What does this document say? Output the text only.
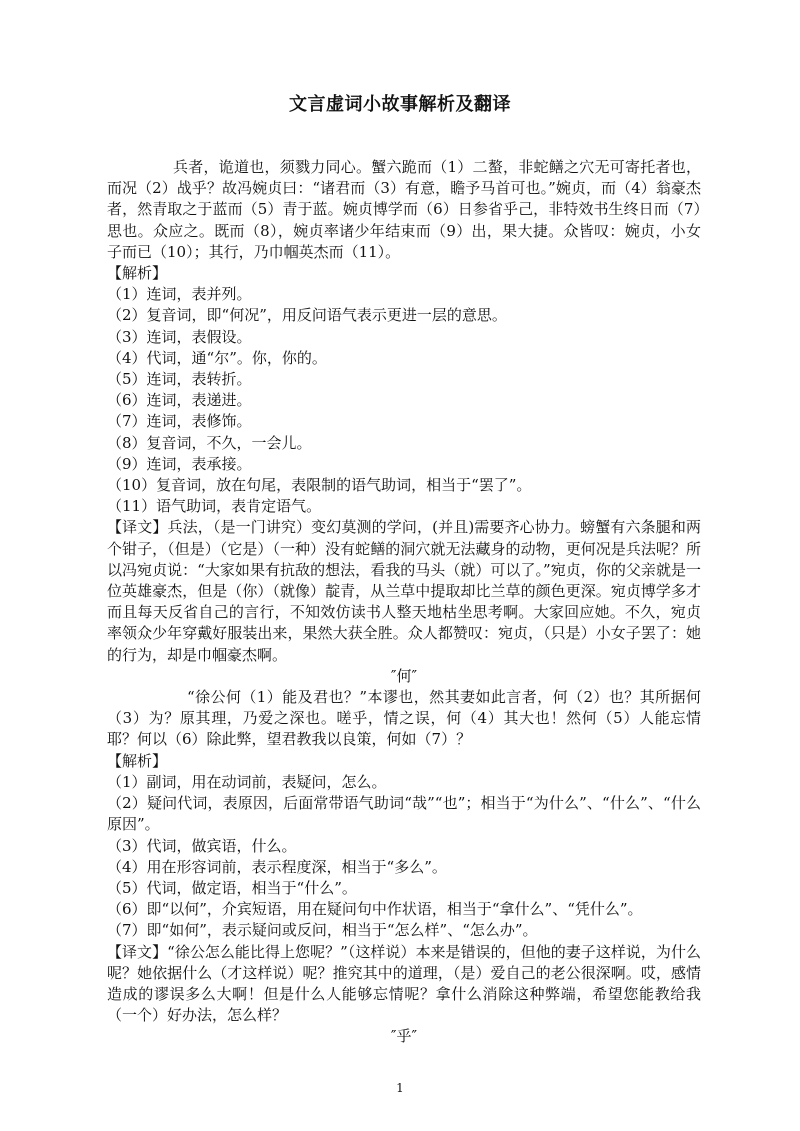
文言虚词小故事解析及翻译

兵者，诡道也，须戮力同心。蟹六跪而（1）二螯，非蛇鳝之穴无可寄托者也，而况（2）战乎？故冯婉贞曰：“诸君而（3）有意，瞻予马首可也。”婉贞，而（4）翁豪杰者，然青取之于蓝而（5）青于蓝。婉贞博学而（6）日参省乎己，非特效书生终日而（7）思也。众应之。既而（8），婉贞率诸少年结束而（9）出，果大捷。众皆叹：婉贞，小女子而已（10）；其行，乃巾帼英杰而（11）。

【解析】

（1）连词，表并列。

（2）复音词，即“何况”，用反问语气表示更进一层的意思。

（3）连词，表假设。

（4）代词，通“尔”。你，你的。

（5）连词，表转折。

（6）连词，表递进。

（7）连词，表修饰。

（8）复音词，不久，一会儿。

（9）连词，表承接。

（10）复音词，放在句尾，表限制的语气助词，相当于“罢了”。

（11）语气助词，表肯定语气。

【译文】兵法，（是一门讲究）变幻莫测的学问，(并且)需要齐心协力。螃蟹有六条腿和两个钳子，（但是）（它是）（一种）没有蛇鳝的洞穴就无法藏身的动物，更何况是兵法呢？所以冯宛贞说：“大家如果有抗敌的想法，看我的马头（就）可以了。”宛贞，你的父亲就是一位英雄豪杰，但是（你）（就像）靛青，从兰草中提取却比兰草的颜色更深。宛贞博学多才而且每天反省自己的言行，不知效仿读书人整天地枯坐思考啊。大家回应她。不久，宛贞率领众少年穿戴好服装出来，果然大获全胜。众人都赞叹：宛贞，（只是）小女子罢了：她的行为，却是巾帼豪杰啊。

″何″

“徐公何（1）能及君也？”本谬也，然其妻如此言者，何（2）也？其所据何（3）为？原其理，乃爱之深也。嗟乎，情之误，何（4）其大也！然何（5）人能忘情耶？何以（6）除此弊，望君教我以良策，何如（7）？

【解析】

（1）副词，用在动词前，表疑问，怎么。

（2）疑问代词，表原因，后面常带语气助词“哉”“也”；相当于“为什么”、“什么”、“什么原因”。

（3）代词，做宾语，什么。

（4）用在形容词前，表示程度深，相当于“多么”。

（5）代词，做定语，相当于“什么”。

（6）即“以何”，介宾短语，用在疑问句中作状语，相当于“拿什么”、“凭什么”。

（7）即“如何”，表示疑问或反问，相当于“怎么样”、“怎么办”。

【译文】“徐公怎么能比得上您呢？”（这样说）本来是错误的，但他的妻子这样说，为什么呢？她依据什么（才这样说）呢？推究其中的道理，（是）爱自己的老公很深啊。哎，感情造成的谬误多么大啊！但是什么人能够忘情呢？拿什么消除这种弊端，希望您能教给我（一个）好办法，怎么样？

″乎″

1
